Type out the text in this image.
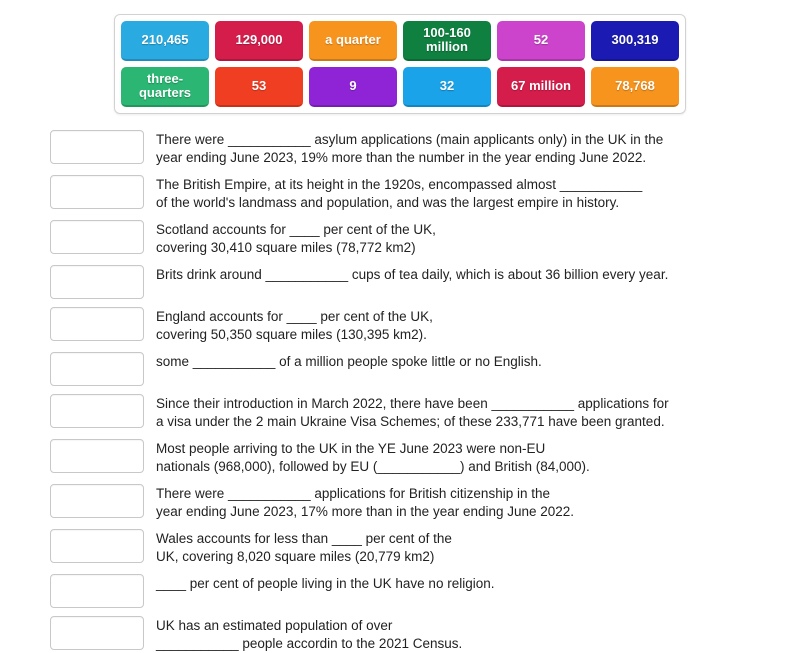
210,465	129,000	a quarter	100-160 million	52	300,319
three-quarters	53	9	32	67 million	78,768
There were ___________ asylum applications (main applicants only) in the UK in the
year ending June 2023, 19% more than the number in the year ending June 2022.
The British Empire, at its height in the 1920s, encompassed almost ___________
of the world's landmass and population, and was the largest empire in history.
Scotland accounts for ____ per cent of the UK,
covering 30,410 square miles (78,772 km2)
Brits drink around ___________ cups of tea daily, which is about 36 billion every year.
England accounts for ____ per cent of the UK,
covering 50,350 square miles (130,395 km2).
some ___________ of a million people spoke little or no English.
Since their introduction in March 2022, there have been ___________ applications for
a visa under the 2 main Ukraine Visa Schemes; of these 233,771 have been granted.
Most people arriving to the UK in the YE June 2023 were non-EU
nationals (968,000), followed by EU (___________) and British (84,000).
There were ___________ applications for British citizenship in the
year ending June 2023, 17% more than in the year ending June 2022.
Wales accounts for less than ____ per cent of the
UK, covering 8,020 square miles (20,779 km2)
____ per cent of people living in the UK have no religion.
UK has an estimated population of over
___________ people accordin to the 2021 Census.
